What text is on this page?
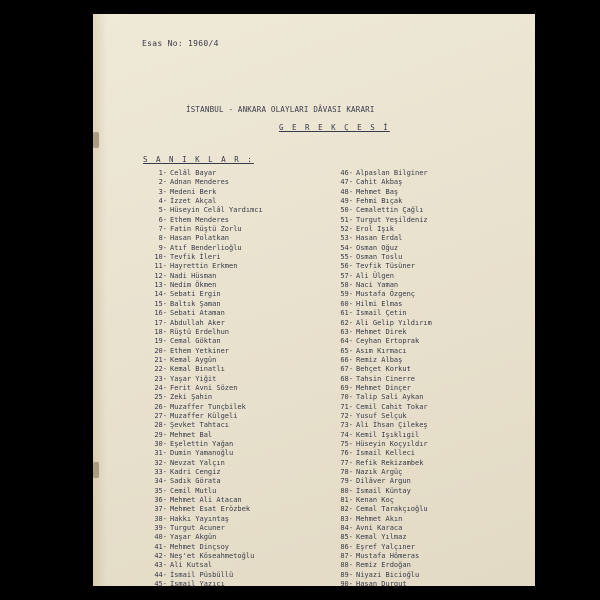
Esas No: 1960/4
İSTANBUL - ANKARA OLAYLARI DÂVASI KARARI
G E R E K Ç E S İ
S A N I K L A R :
1- Celâl Bayar
2- Adnan Menderes
3- Medeni Berk
4- İzzet Akçal
5- Hüseyin Celâl Yardımcı
6- Ethem Menderes
7- Fatin Rüştü Zorlu
8- Hasan Polatkan
9- Atıf Benderlioğlu
10- Tevfik İleri
11- Hayrettin Erkmen
12- Nadi Hüsman
13- Nedim Ökmen
14- Sebati Ergin
15- Baltık Şaman
16- Sebati Ataman
17- Abdullah Aker
18- Rüştü Erdelhun
19- Cemal Göktan
20- Ethem Yetkiner
21- Kemal Aygün
22- Kemal Binatlı
23- Yaşar Yiğit
24- Ferit Avni Sözen
25- Zeki Şahin
26- Muzaffer Tunçbilek
27- Muzaffer Külgeli
28- Şevket Tahtacı
29- Mehmet Bal
30- Eşelettin Yağan
31- Dumin Yamanoğlu
32- Nevzat Yalçın
33- Kadri Cengiz
34- Sadık Görata
35- Cemil Mutlu
36- Mehmet Ali Atacan
37- Mehmet Esat Erözbek
38- Hakkı Yayıntaş
39- Turgut Acuner
40- Yaşar Akgün
41- Mehmet Dinçsoy
42- Neş'et Köseahmetoğlu
43- Ali Kutsal
44- İsmail Püsbüllü
45- İsmail Yazıcı
46- Alpaslan Bilginer
47- Cahit Akbaş
48- Mehmet Baş
49- Fehmi Bıçak
50- Cemalettin Çağlı
51- Turgut Yeşildeniz
52- Erol Işık
53- Hasan Erdal
54- Osman Oğuz
55- Osman Toslu
56- Tevfik Tüsüner
57- Ali Ülgen
58- Naci Yaman
59- Mustafa Özgenç
60- Hilmi Elmas
61- İsmail Çetin
62- Ali Gelip Yıldırım
63- Mehmet Direk
64- Ceyhan Ertoprak
65- Asım Kırmacı
66- Remiz Albaş
67- Behçet Korkut
68- Tahsin Cinerre
69- Mehmet Dinçer
70- Talip Sali Aykan
71- Cemil Cahit Tokar
72- Yusuf Selçuk
73- Ali İhsan Çilekeş
74- Kemil Işıklıgil
75- Hüseyin Koçyıldır
76- İsmail Kelleci
77- Refik Rekizambek
78- Nazık Argüç
79- Dilâver Argun
80- İsmail Küntay
81- Kenan Koç
82- Cemal Tarakçıoğlu
83- Mehmet Akın
84- Avni Karaca
85- Kemal Yılmaz
86- Eşref Yalçıner
87- Mustafa Hömeras
88- Remiz Erdoğan
89- Niyazi Bicioğlu
90- Hasan Durgut
